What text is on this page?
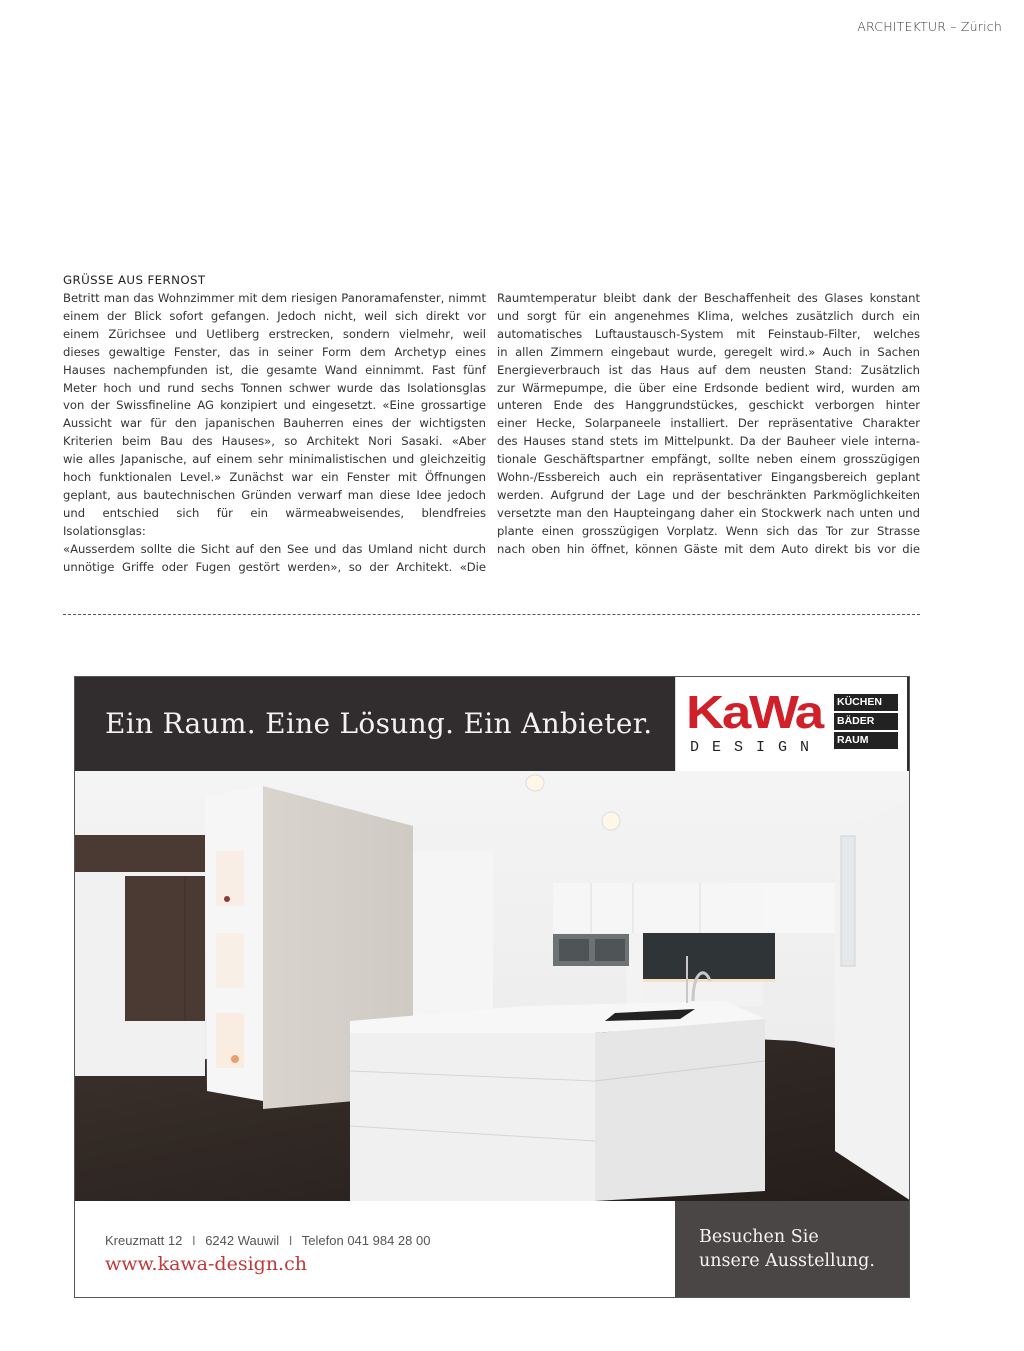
ARCHITEKTUR – Zürich
GRÜSSE AUS FERNOST

Betritt man das Wohnzimmer mit dem riesigen Panoramafenster, nimmt

einem der Blick sofort gefangen. Jedoch nicht, weil sich direkt vor

einem Zürichsee und Uetliberg erstrecken, sondern vielmehr, weil

dieses gewaltige Fenster, das in seiner Form dem Archetyp eines

Hauses nachempfunden ist, die gesamte Wand einnimmt. Fast fünf

Meter hoch und rund sechs Tonnen schwer wurde das Isolationsglas

von der Swissfineline AG konzipiert und eingesetzt. «Eine grossartige

Aussicht war für den japanischen Bauherren eines der wichtigsten

Kriterien beim Bau des Hauses», so Architekt Nori Sasaki. «Aber

wie alles Japanische, auf einem sehr minimalistischen und gleichzeitig

hoch funktionalen Level.» Zunächst war ein Fenster mit Öffnungen

geplant, aus bautechnischen Gründen verwarf man diese Idee jedoch

und entschied sich für ein wärmeabweisendes, blendfreies Isolationsglas:

«Ausserdem sollte die Sicht auf den See und das Umland nicht durch

unnötige Griffe oder Fugen gestört werden», so der Architekt. «Die

Raumtemperatur bleibt dank der Beschaffenheit des Glases konstant

und sorgt für ein angenehmes Klima, welches zusätzlich durch ein

automatisches Luftaustausch-System mit Feinstaub-Filter, welches

in allen Zimmern eingebaut wurde, geregelt wird.» Auch in Sachen

Energieverbrauch ist das Haus auf dem neusten Stand: Zusätzlich

zur Wärmepumpe, die über eine Erdsonde bedient wird, wurden am

unteren Ende des Hanggrundstückes, geschickt verborgen hinter

einer Hecke, Solarpaneele installiert. Der repräsentative Charakter

des Hauses stand stets im Mittelpunkt. Da der Bauheer viele interna-

tionale Geschäftspartner empfängt, sollte neben einem grosszügigen

Wohn-/Essbereich auch ein repräsentativer Eingangsbereich geplant

werden. Aufgrund der Lage und der beschränkten Parkmöglichkeiten

versetzte man den Haupteingang daher ein Stockwerk nach unten und

plante einen grosszügigen Vorplatz. Wenn sich das Tor zur Strasse

nach oben hin öffnet, können Gäste mit dem Auto direkt bis vor die

Ein Raum. Eine Lösung. Ein Anbieter. KaWa
DESIGN
KÜCHEN
BÄDER
RAUM
Kreuzmatt 12 I 6242 Wauwil I Telefon 041 984 28 00
www.kawa-design.ch
Besuchen Sie
unsere Ausstellung.
